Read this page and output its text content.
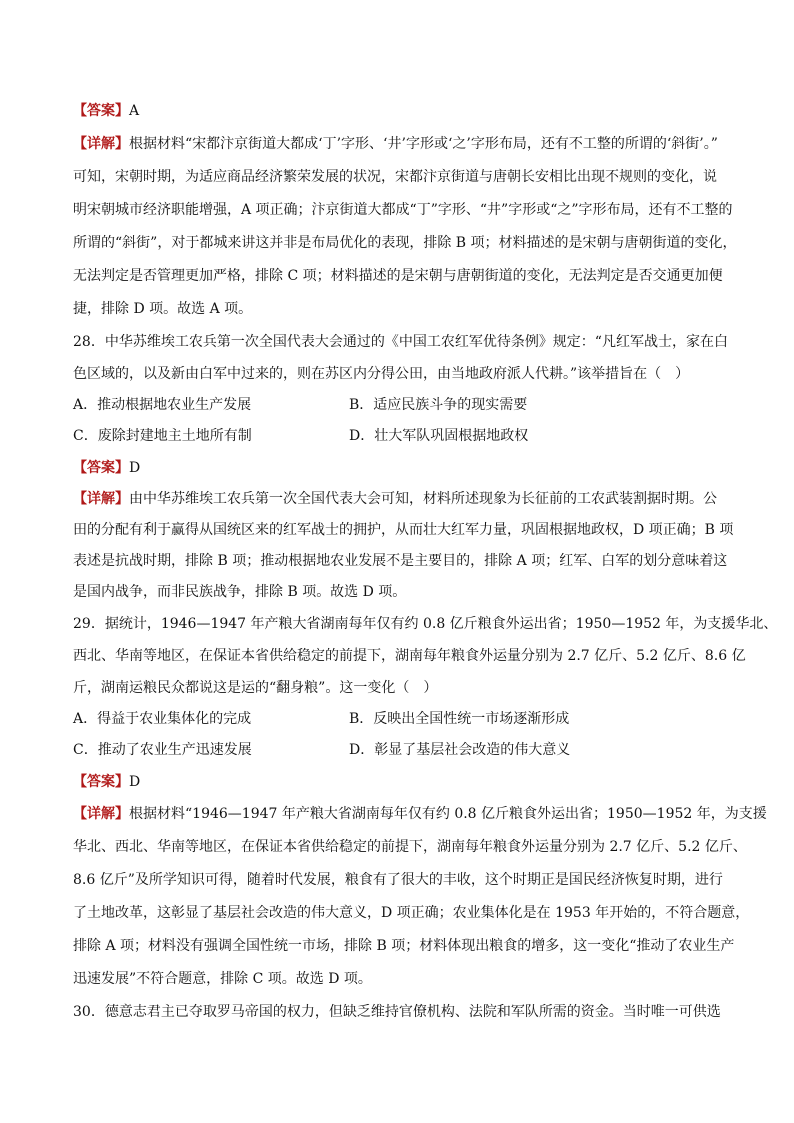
【答案】A
【详解】根据材料“宋都汴京街道大都成‘丁’字形、‘井’字形或‘之’字形布局，还有不工整的所谓的‘斜街’。”
可知，宋朝时期，为适应商品经济繁荣发展的状况，宋都汴京街道与唐朝长安相比出现不规则的变化，说
明宋朝城市经济职能增强，A 项正确；汴京街道大都成“丁”字形、“井”字形或“之”字形布局，还有不工整的
所谓的“斜街”，对于都城来讲这并非是布局优化的表现，排除 B 项；材料描述的是宋朝与唐朝街道的变化，
无法判定是否管理更加严格，排除 C 项；材料描述的是宋朝与唐朝街道的变化，无法判定是否交通更加便
捷，排除 D 项。故选 A 项。
28．中华苏维埃工农兵第一次全国代表大会通过的《中国工农红军优待条例》规定：“凡红军战士，家在白
色区域的，以及新由白军中过来的，则在苏区内分得公田，由当地政府派人代耕。”该举措旨在（　）
A．推动根据地农业生产发展	B．适应民族斗争的现实需要
C．废除封建地主土地所有制	D．壮大军队巩固根据地政权
【答案】D
【详解】由中华苏维埃工农兵第一次全国代表大会可知，材料所述现象为长征前的工农武装割据时期。公
田的分配有利于赢得从国统区来的红军战士的拥护，从而壮大红军力量，巩固根据地政权，D 项正确；B 项
表述是抗战时期，排除 B 项；推动根据地农业发展不是主要目的，排除 A 项；红军、白军的划分意味着这
是国内战争，而非民族战争，排除 B 项。故选 D 项。
29．据统计，1946—1947 年产粮大省湖南每年仅有约 0.8 亿斤粮食外运出省；1950—1952 年，为支援华北、
西北、华南等地区，在保证本省供给稳定的前提下，湖南每年粮食外运量分别为 2.7 亿斤、5.2 亿斤、8.6 亿
斤，湖南运粮民众都说这是运的“翻身粮”。这一变化（　）
A．得益于农业集体化的完成	B．反映出全国性统一市场逐渐形成
C．推动了农业生产迅速发展	D．彰显了基层社会改造的伟大意义
【答案】D
【详解】根据材料“1946—1947 年产粮大省湖南每年仅有约 0.8 亿斤粮食外运出省；1950—1952 年，为支援
华北、西北、华南等地区，在保证本省供给稳定的前提下，湖南每年粮食外运量分别为 2.7 亿斤、5.2 亿斤、
8.6 亿斤”及所学知识可得，随着时代发展，粮食有了很大的丰收，这个时期正是国民经济恢复时期，进行
了土地改革，这彰显了基层社会改造的伟大意义，D 项正确；农业集体化是在 1953 年开始的，不符合题意，
排除 A 项；材料没有强调全国性统一市场，排除 B 项；材料体现出粮食的增多，这一变化“推动了农业生产
迅速发展”不符合题意，排除 C 项。故选 D 项。
30．德意志君主已夺取罗马帝国的权力，但缺乏维持官僚机构、法院和军队所需的资金。当时唯一可供选
